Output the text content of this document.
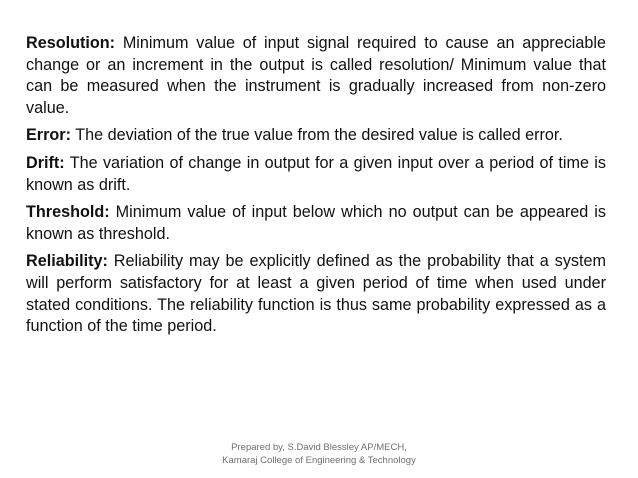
Resolution: Minimum value of input signal required to cause an appreciable change or an increment in the output is called resolution/ Minimum value that can be measured when the instrument is gradually increased from non-zero value.

Error: The deviation of the true value from the desired value is called error.

Drift: The variation of change in output for a given input over a period of time is known as drift.

Threshold: Minimum value of input below which no output can be appeared is known as threshold.

Reliability: Reliability may be explicitly defined as the probability that a system will perform satisfactory for at least a given period of time when used under stated conditions. The reliability function is thus same probability expressed as a function of the time period.

Prepared by, S.David Blessley AP/MECH,
Kamaraj College of Engineering & Technology
